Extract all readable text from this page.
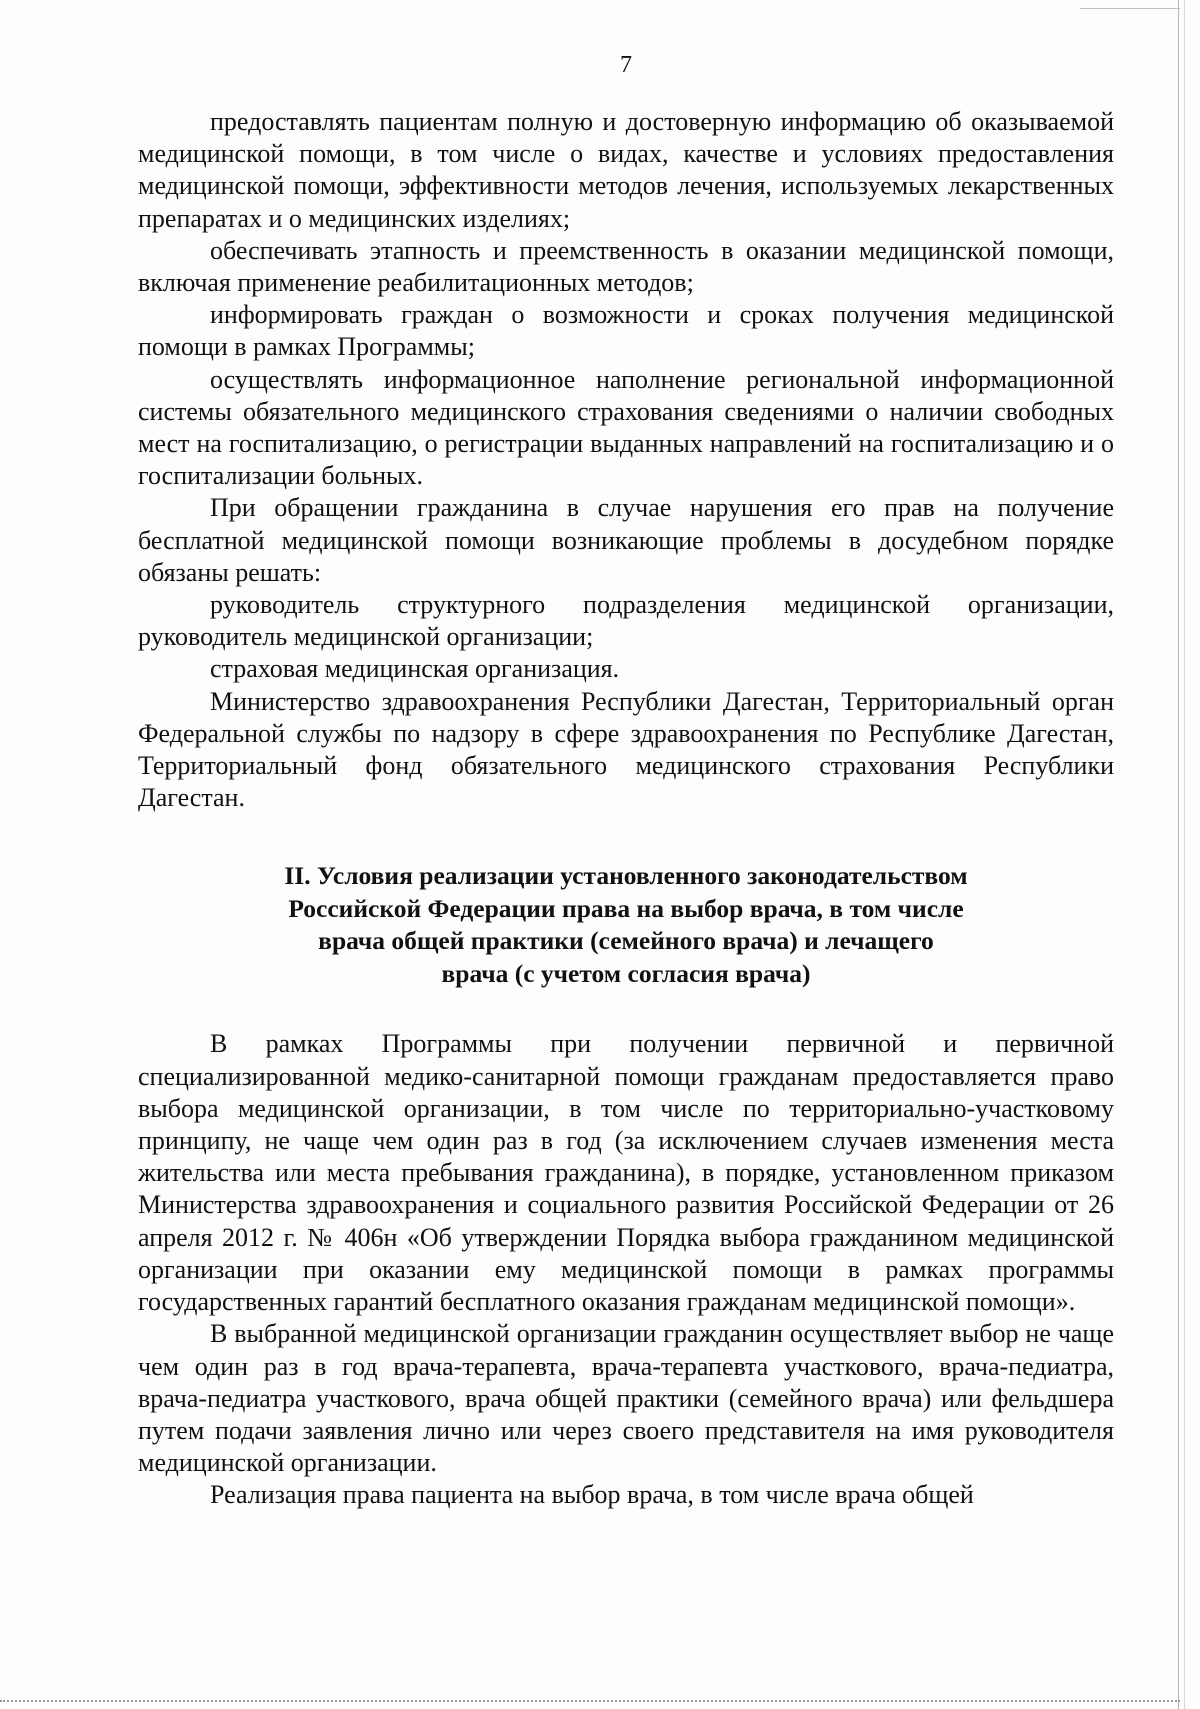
7

предоставлять пациентам полную и достоверную информацию об оказываемой медицинской помощи, в том числе о видах, качестве и условиях предоставления медицинской помощи, эффективности методов лечения, используемых лекарственных препаратах и о медицинских изделиях;

обеспечивать этапность и преемственность в оказании медицинской помощи, включая применение реабилитационных методов;

информировать граждан о возможности и сроках получения медицинской помощи в рамках Программы;

осуществлять информационное наполнение региональной информационной системы обязательного медицинского страхования сведениями о наличии свободных мест на госпитализацию, о регистрации выданных направлений на госпитализацию и о госпитализации больных.

При обращении гражданина в случае нарушения его прав на получение бесплатной медицинской помощи возникающие проблемы в досудебном порядке обязаны решать:

руководитель структурного подразделения медицинской организации, руководитель медицинской организации;

страховая медицинская организация.

Министерство здравоохранения Республики Дагестан, Территориальный орган Федеральной службы по надзору в сфере здравоохранения по Республике Дагестан, Территориальный фонд обязательного медицинского страхования Республики Дагестан.

II. Условия реализации установленного законодательством
Российской Федерации права на выбор врача, в том числе
врача общей практики (семейного врача) и лечащего
врача (с учетом согласия врача)

В рамках Программы при получении первичной и первичной специализированной медико-санитарной помощи гражданам предоставляется право выбора медицинской организации, в том числе по территориально-участковому принципу, не чаще чем один раз в год (за исключением случаев изменения места жительства или места пребывания гражданина), в порядке, установленном приказом Министерства здравоохранения и социального развития Российской Федерации от 26 апреля 2012 г. № 406н «Об утверждении Порядка выбора гражданином медицинской организации при оказании ему медицинской помощи в рамках программы государственных гарантий бесплатного оказания гражданам медицинской помощи».

В выбранной медицинской организации гражданин осуществляет выбор не чаще чем один раз в год врача-терапевта, врача-терапевта участкового, врача-педиатра, врача-педиатра участкового, врача общей практики (семейного врача) или фельдшера путем подачи заявления лично или через своего представителя на имя руководителя медицинской организации.

Реализация права пациента на выбор врача, в том числе врача общей
